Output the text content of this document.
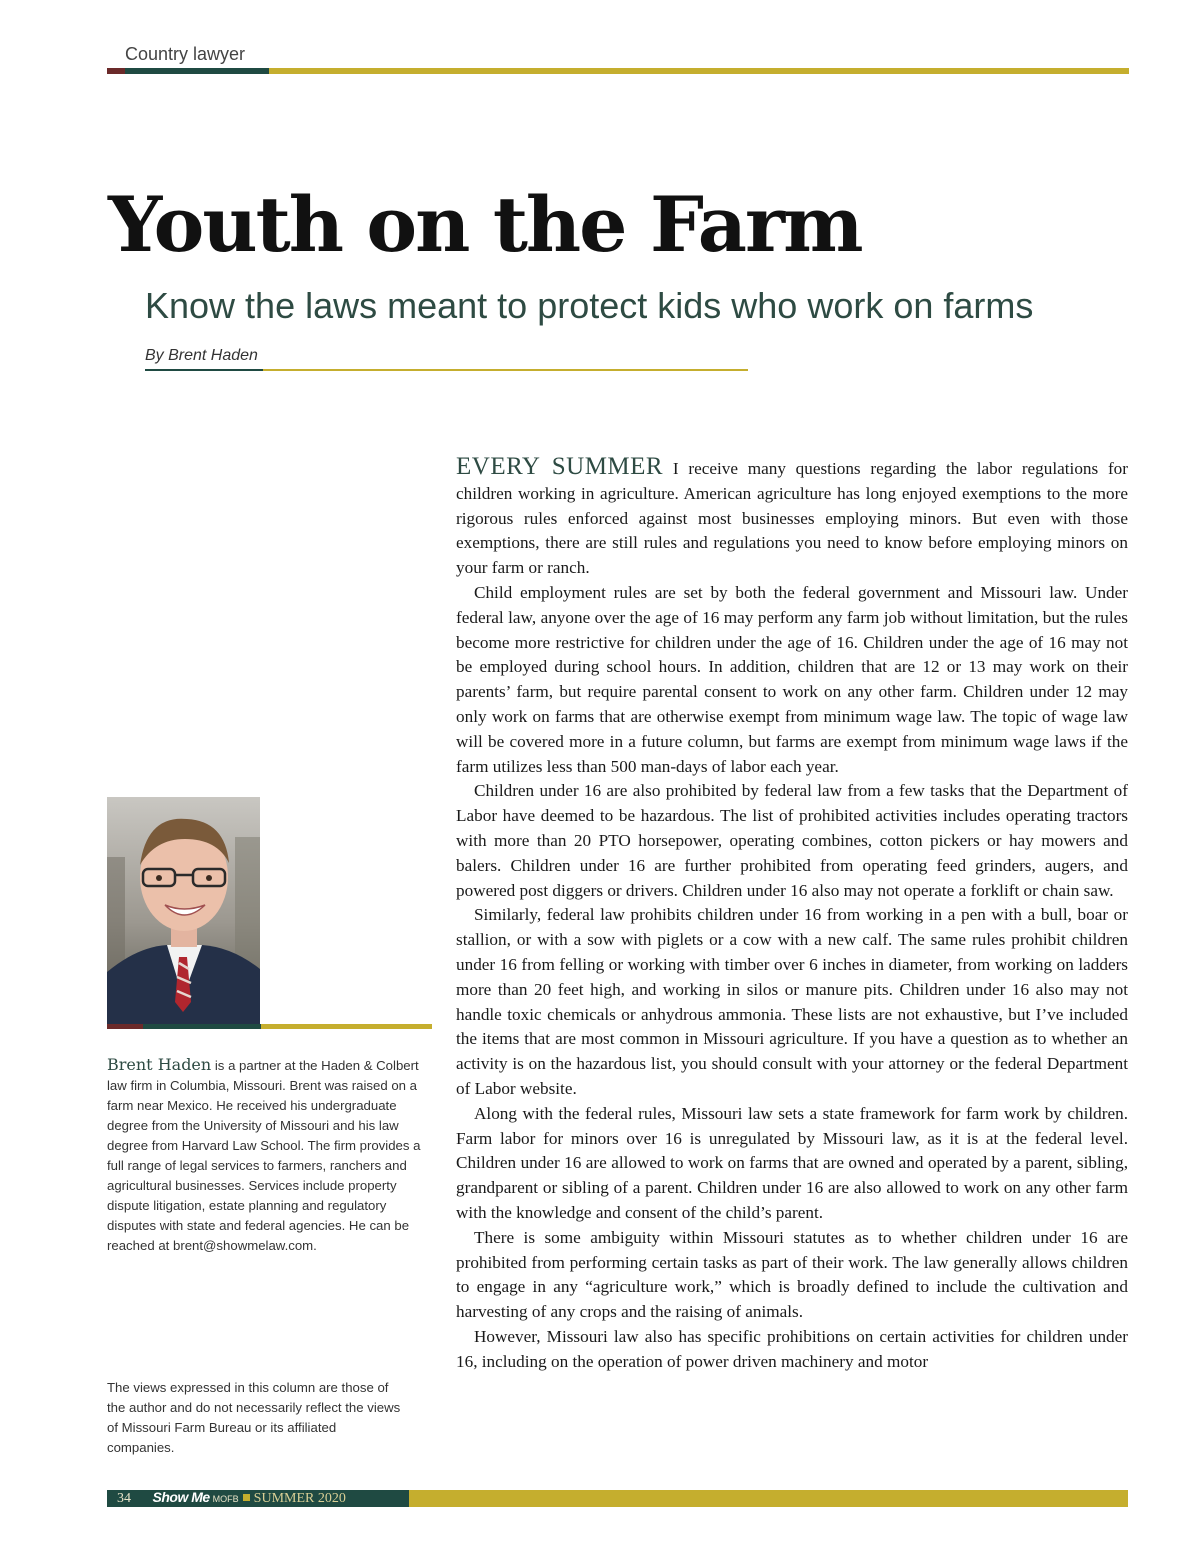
Country lawyer
Youth on the Farm
Know the laws meant to protect kids who work on farms
By Brent Haden
Brent Haden is a partner at the Haden & Colbert law firm in Columbia, Missouri. Brent was raised on a farm near Mexico. He received his undergraduate degree from the University of Missouri and his law degree from Harvard Law School. The firm provides a full range of legal services to farmers, ranchers and agricultural businesses. Services include property dispute litigation, estate planning and regulatory disputes with state and federal agencies. He can be reached at brent@showmelaw.com.
The views expressed in this column are those of the author and do not necessarily reflect the views of Missouri Farm Bureau or its affiliated companies.

EVERY SUMMER I receive many questions regarding the labor regulations for children working in agriculture. American agriculture has long enjoyed exemptions to the more rigorous rules enforced against most businesses employing minors. But even with those exemptions, there are still rules and regulations you need to know before employing minors on your farm or ranch.

Child employment rules are set by both the federal government and Missouri law. Under federal law, anyone over the age of 16 may perform any farm job without limitation, but the rules become more restrictive for children under the age of 16. Children under the age of 16 may not be employed during school hours. In addition, children that are 12 or 13 may work on their parents’ farm, but require parental consent to work on any other farm. Children under 12 may only work on farms that are otherwise exempt from minimum wage law. The topic of wage law will be covered more in a future column, but farms are exempt from minimum wage laws if the farm utilizes less than 500 man-days of labor each year.

Children under 16 are also prohibited by federal law from a few tasks that the Department of Labor have deemed to be hazardous. The list of prohibited activities includes operating tractors with more than 20 PTO horsepower, operating combines, cotton pickers or hay mowers and balers. Children under 16 are further prohibited from operating feed grinders, augers, and powered post diggers or drivers. Children under 16 also may not operate a forklift or chain saw.

Similarly, federal law prohibits children under 16 from working in a pen with a bull, boar or stallion, or with a sow with piglets or a cow with a new calf. The same rules prohibit children under 16 from felling or working with timber over 6 inches in diameter, from working on ladders more than 20 feet high, and working in silos or manure pits. Children under 16 also may not handle toxic chemicals or anhydrous ammonia. These lists are not exhaustive, but I’ve included the items that are most common in Missouri agriculture. If you have a question as to whether an activity is on the hazardous list, you should consult with your attorney or the federal Department of Labor website.

Along with the federal rules, Missouri law sets a state framework for farm work by children. Farm labor for minors over 16 is unregulated by Missouri law, as it is at the federal level. Children under 16 are allowed to work on farms that are owned and operated by a parent, sibling, grandparent or sibling of a parent. Children under 16 are also allowed to work on any other farm with the knowledge and consent of the child’s parent.

There is some ambiguity within Missouri statutes as to whether children under 16 are prohibited from performing certain tasks as part of their work. The law generally allows children to engage in any “agriculture work,” which is broadly defined to include the cultivation and harvesting of any crops and the raising of animals.

However, Missouri law also has specific prohibitions on certain activities for children under 16, including on the operation of power driven machinery and motor

34 Show Me MOFB SUMMER 2020
